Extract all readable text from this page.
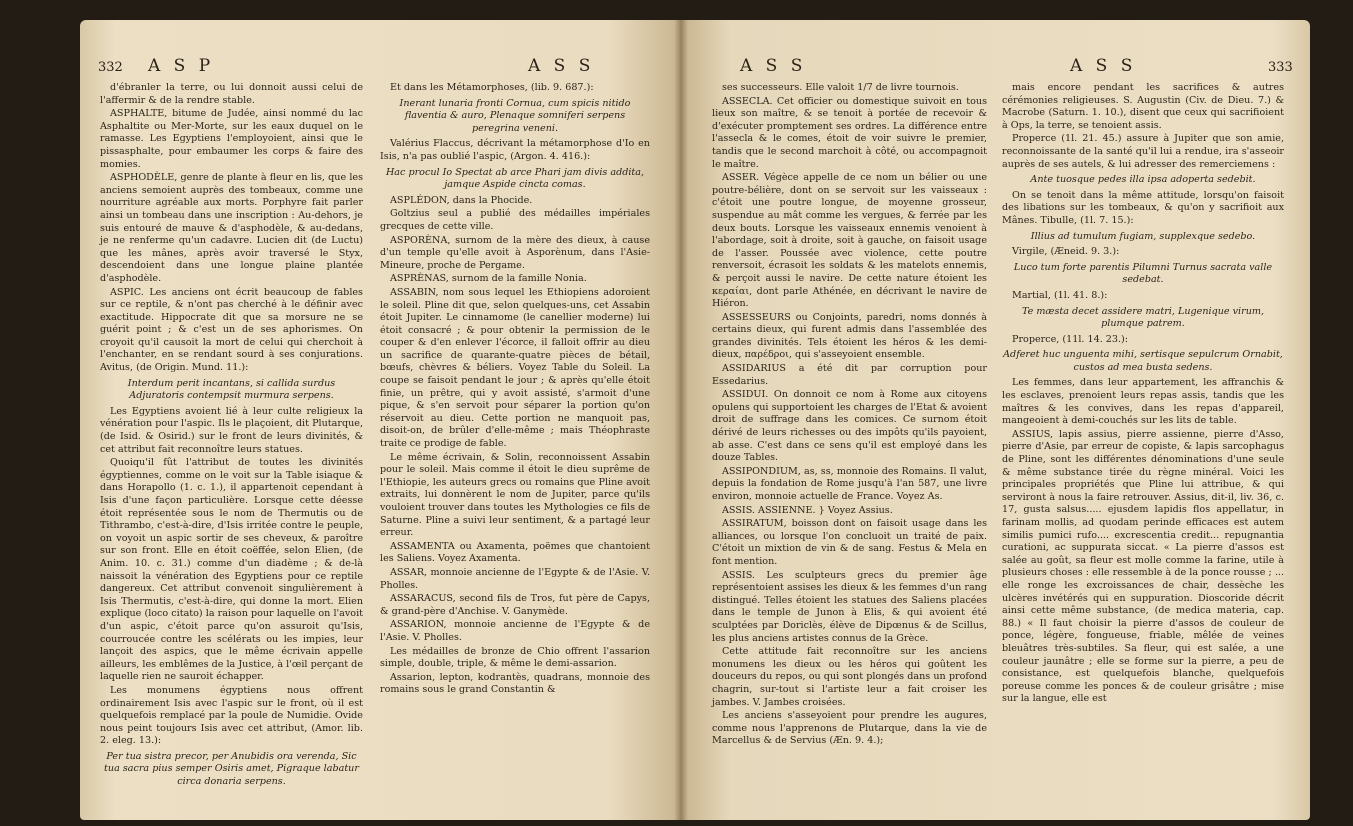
332 A S P	A S S

d'ébranler la terre, ou lui donnoit aussi celui de l'affermir & de la rendre stable.

ASPHALTE, bitume de Judée, ainsi nommé du lac Asphaltite ou Mer-Morte, sur les eaux duquel on le ramasse. Les Egyptiens l'employoient, ainsi que le pissasphalte, pour embaumer les corps & faire des momies.

ASPHODÈLE, genre de plante à fleur en lis, que les anciens semoient auprès des tombeaux, comme une nourriture agréable aux morts. Porphyre fait parler ainsi un tombeau dans une inscription : Au-dehors, je suis entouré de mauve & d'asphodèle, & au-dedans, je ne renferme qu'un cadavre. Lucien dit (de Luctu) que les mânes, après avoir traversé le Styx, descendoient dans une longue plaine plantée d'asphodèle.

ASPIC. Les anciens ont écrit beaucoup de fables sur ce reptile, & n'ont pas cherché à le définir avec exactitude. Hippocrate dit que sa morsure ne se guérit point ; & c'est un de ses aphorismes. On croyoit qu'il causoit la mort de celui qui cherchoit à l'enchanter, en se rendant sourd à ses conjurations. Avitus, (de Origin. Mund. 11.):

Interdum perit incantans, si callida surdus Adjuratoris contempsit murmura serpens.

Les Egyptiens avoient lié à leur culte religieux la vénération pour l'aspic. Ils le plaçoient, dit Plutarque, (de Isid. & Osirid.) sur le front de leurs divinités, & cet attribut fait reconnoître leurs statues.

Quoiqu'il fût l'attribut de toutes les divinités égyptiennes, comme on le voit sur la Table isiaque & dans Horapollo (1. c. 1.), il appartenoit cependant à Isis d'une façon particulière. Lorsque cette déesse étoit représentée sous le nom de Thermutis ou de Tithrambo, c'est-à-dire, d'Isis irritée contre le peuple, on voyoit un aspic sortir de ses cheveux, & paroître sur son front. Elle en étoit coëffée, selon Elien, (de Anim. 10. c. 31.) comme d'un diadème ; & de-là naissoit la vénération des Egyptiens pour ce reptile dangereux. Cet attribut convenoit singulièrement à Isis Thermutis, c'est-à-dire, qui donne la mort. Elien explique (loco citato) la raison pour laquelle on l'avoit d'un aspic, c'étoit parce qu'on assuroit qu'Isis, courroucée contre les scélérats ou les impies, leur lançoit des aspics, que le même écrivain appelle ailleurs, les emblêmes de la Justice, à l'œil perçant de laquelle rien ne sauroit échapper.

Les monumens égyptiens nous offrent ordinairement Isis avec l'aspic sur le front, où il est quelquefois remplacé par la poule de Numidie. Ovide nous peint toujours Isis avec cet attribut, (Amor. lib. 2. eleg. 13.):

Per tua sistra precor, per Anubidis ora verenda, Sic tua sacra pius semper Osiris amet, Pigraque labatur circa donaria serpens.

Et dans les Métamorphoses, (lib. 9. 687.):

Inerant lunaria fronti Cornua, cum spicis nitido flaventia & auro, Plenaque somniferi serpens peregrina veneni.

Valérius Flaccus, décrivant la métamorphose d'Io en Isis, n'a pas oublié l'aspic, (Argon. 4. 416.):

Hac procul Io Spectat ab arce Phari jam divis addita, jamque Aspide cincta comas.

ASPLÉDON, dans la Phocide.

Goltzius seul a publié des médailles impériales grecques de cette ville.

ASPORÈNA, surnom de la mère des dieux, à cause d'un temple qu'elle avoit à Asporènum, dans l'Asie-Mineure, proche de Pergame.

ASPRÈNAS, surnom de la famille Nonia.

ASSABIN, nom sous lequel les Ethiopiens adoroient le soleil. Pline dit que, selon quelques-uns, cet Assabin étoit Jupiter. Le cinnamome (le canellier moderne) lui étoit consacré ; & pour obtenir la permission de le couper & d'en enlever l'écorce, il falloit offrir au dieu un sacrifice de quarante-quatre pièces de bétail, bœufs, chèvres & béliers. Voyez Table du Soleil. La coupe se faisoit pendant le jour ; & après qu'elle étoit finie, un prêtre, qui y avoit assisté, s'armoit d'une pique, & s'en servoit pour séparer la portion qu'on réservoit au dieu. Cette portion ne manquoit pas, disoit-on, de brûler d'elle-même ; mais Théophraste traite ce prodige de fable.

Le même écrivain, & Solin, reconnoissent Assabin pour le soleil. Mais comme il étoit le dieu suprême de l'Ethiopie, les auteurs grecs ou romains que Pline avoit extraits, lui donnèrent le nom de Jupiter, parce qu'ils vouloient trouver dans toutes les Mythologies ce fils de Saturne. Pline a suivi leur sentiment, & a partagé leur erreur.

ASSAMENTA ou Axamenta, poëmes que chantoient les Saliens. Voyez Axamenta.

ASSAR, monnoie ancienne de l'Egypte & de l'Asie. V. Pholles.

ASSARACUS, second fils de Tros, fut père de Capys, & grand-père d'Anchise. V. Ganymède.

ASSARION, monnoie ancienne de l'Egypte & de l'Asie. V. Pholles.

Les médailles de bronze de Chio offrent l'assarion simple, double, triple, & même le demi-assarion.

Assarion, lepton, kodrantès, quadrans, monnoie des romains sous le grand Constantin &

A S S	A S S	333

ses successeurs. Elle valoit 1/7 de livre tournois.

ASSECLA. Cet officier ou domestique suivoit en tous lieux son maître, & se tenoit à portée de recevoir & d'exécuter promptement ses ordres. La différence entre l'assecla & le comes, étoit de voir suivre le premier, tandis que le second marchoit à côté, ou accompagnoit le maître.

ASSER. Végèce appelle de ce nom un bélier ou une poutre-bélière, dont on se servoit sur les vaisseaux : c'étoit une poutre longue, de moyenne grosseur, suspendue au mât comme les vergues, & ferrée par les deux bouts. Lorsque les vaisseaux ennemis venoient à l'abordage, soit à droite, soit à gauche, on faisoit usage de l'asser. Poussée avec violence, cette poutre renversoit, écrasoit les soldats & les matelots ennemis, & perçoit aussi le navire. De cette nature étoient les κεραίαι, dont parle Athénée, en décrivant le navire de Hiéron.

ASSESSEURS ou Conjoints, paredri, noms donnés à certains dieux, qui furent admis dans l'assemblée des grandes divinités. Tels étoient les héros & les demi-dieux, παρέδροι, qui s'asseyoient ensemble.

ASSIDARIUS a été dit par corruption pour Essedarius.

ASSIDUI. On donnoit ce nom à Rome aux citoyens opulens qui supportoient les charges de l'Etat & avoient droit de suffrage dans les comices. Ce surnom étoit dérivé de leurs richesses ou des impôts qu'ils payoient, ab asse. C'est dans ce sens qu'il est employé dans les douze Tables.

ASSIPONDIUM, as, ss, monnoie des Romains. Il valut, depuis la fondation de Rome jusqu'à l'an 587, une livre environ, monnoie actuelle de France. Voyez As.

ASSIS. ASSIENNE. } Voyez Assius.

ASSIRATUM, boisson dont on faisoit usage dans les alliances, ou lorsque l'on concluoit un traité de paix. C'étoit un mixtion de vin & de sang. Festus & Mela en font mention.

ASSIS. Les sculpteurs grecs du premier âge représentoient assises les dieux & les femmes d'un rang distingué. Telles étoient les statues des Saliens placées dans le temple de Junon à Elis, & qui avoient été sculptées par Doriclès, élève de Dipœnus & de Scillus, les plus anciens artistes connus de la Grèce.

Cette attitude fait reconnoître sur les anciens monumens les dieux ou les héros qui goûtent les douceurs du repos, ou qui sont plongés dans un profond chagrin, sur-tout si l'artiste leur a fait croiser les jambes. V. Jambes croisées.

Les anciens s'asseyoient pour prendre les augures, comme nous l'apprenons de Plutarque, dans la vie de Marcellus & de Servius (Æn. 9. 4.);

mais encore pendant les sacrifices & autres cérémonies religieuses. S. Augustin (Civ. de Dieu. 7.) & Macrobe (Saturn. 1. 10.), disent que ceux qui sacrifioient à Ops, la terre, se tenoient assis.

Properce (1l. 21. 45.) assure à Jupiter que son amie, reconnoissante de la santé qu'il lui a rendue, ira s'asseoir auprès de ses autels, & lui adresser des remerciemens :

Ante tuosque pedes illa ipsa adoperta sedebit.

On se tenoit dans la même attitude, lorsqu'on faisoit des libations sur les tombeaux, & qu'on y sacrifioit aux Mânes. Tibulle, (1l. 7. 15.):

Illius ad tumulum fugiam, supplexque sedebo.

Virgile, (Æneid. 9. 3.):

Luco tum forte parentis Pilumni Turnus sacrata valle sedebat.

Martial, (1l. 41. 8.):

Te mæsta decet assidere matri, Lugenique virum, plumque patrem.

Properce, (11l. 14. 23.):

Adferet huc unguenta mihi, sertisque sepulcrum Ornabit, custos ad mea busta sedens.

Les femmes, dans leur appartement, les affranchis & les esclaves, prenoient leurs repas assis, tandis que les maîtres & les convives, dans les repas d'appareil, mangeoient à demi-couchés sur les lits de table.

ASSIUS, lapis assius, pierre assienne, pierre d'Asso, pierre d'Asie, par erreur de copiste, & lapis sarcophagus de Pline, sont les différentes dénominations d'une seule & même substance tirée du règne minéral. Voici les principales propriétés que Pline lui attribue, & qui serviront à nous la faire retrouver. Assius, dit-il, liv. 36, c. 17, gusta salsus..... ejusdem lapidis flos appellatur, in farinam mollis, ad quodam perinde efficaces est autem similis pumici rufo.... excrescentia credit... repugnantia curationi, ac suppurata siccat. « La pierre d'assos est salée au goût, sa fleur est molle comme la farine, utile à plusieurs choses : elle ressemble à de la ponce rousse ; ... elle ronge les excroissances de chair, dessèche les ulcères invétérés qui en suppuration. Dioscoride décrit ainsi cette même substance, (de medica materia, cap. 88.) « Il faut choisir la pierre d'assos de couleur de ponce, légère, fongueuse, friable, mêlée de veines bleuâtres très-subtiles. Sa fleur, qui est salée, a une couleur jaunâtre ; elle se forme sur la pierre, a peu de consistance, est quelquefois blanche, quelquefois poreuse comme les ponces & de couleur grisâtre ; mise sur la langue, elle est
